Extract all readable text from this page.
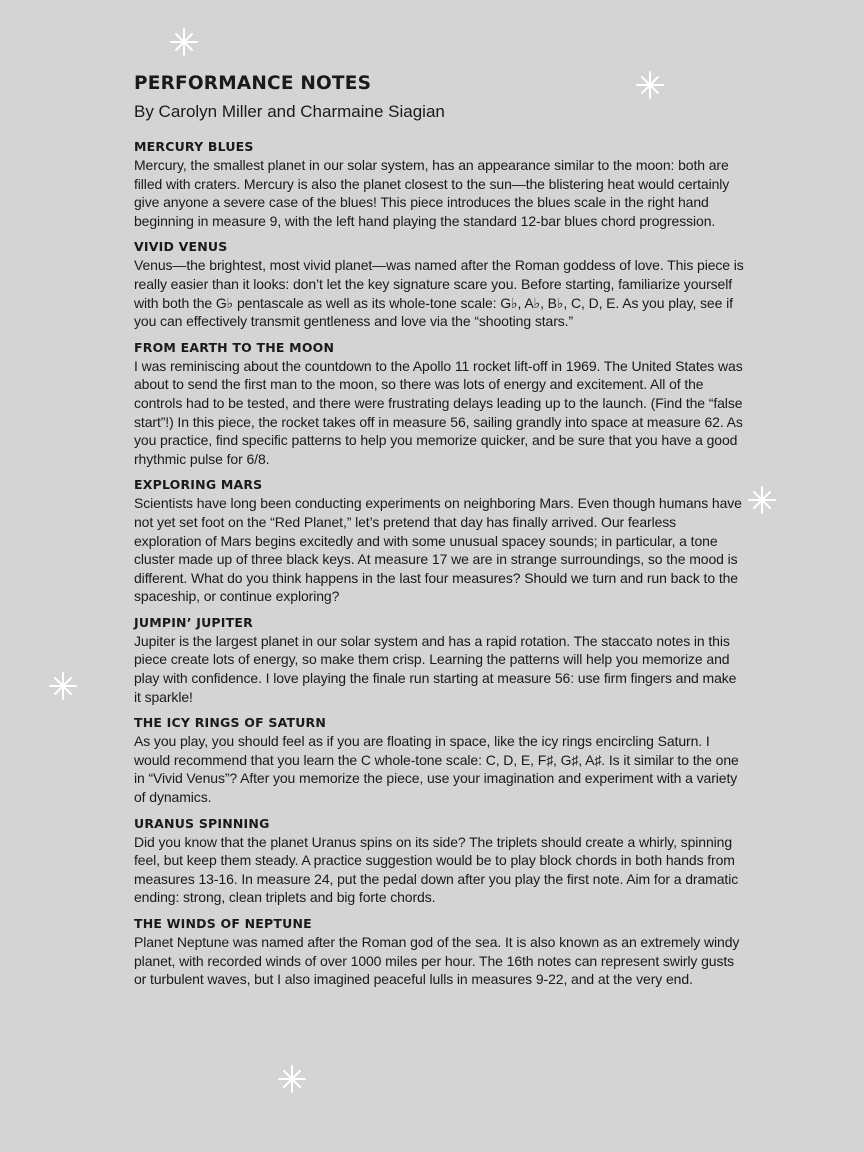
PERFORMANCE NOTES

By Carolyn Miller and Charmaine Siagian

MERCURY BLUES

Mercury, the smallest planet in our solar system, has an appearance similar to the moon: both are filled with craters. Mercury is also the planet closest to the sun—the blistering heat would certainly give anyone a severe case of the blues! This piece introduces the blues scale in the right hand beginning in measure 9, with the left hand playing the standard 12-bar blues chord progression.

VIVID VENUS

Venus—the brightest, most vivid planet—was named after the Roman goddess of love. This piece is really easier than it looks: don’t let the key signature scare you. Before starting, familiarize yourself with both the G♭ pentascale as well as its whole-tone scale: G♭, A♭, B♭, C, D, E. As you play, see if you can effectively transmit gentleness and love via the “shooting stars.”

FROM EARTH TO THE MOON

I was reminiscing about the countdown to the Apollo 11 rocket lift-off in 1969. The United States was about to send the first man to the moon, so there was lots of energy and excitement. All of the controls had to be tested, and there were frustrating delays leading up to the launch. (Find the “false start”!) In this piece, the rocket takes off in measure 56, sailing grandly into space at measure 62. As you practice, find specific patterns to help you memorize quicker, and be sure that you have a good rhythmic pulse for 6/8.

EXPLORING MARS

Scientists have long been conducting experiments on neighboring Mars. Even though humans have not yet set foot on the “Red Planet,” let’s pretend that day has finally arrived. Our fearless exploration of Mars begins excitedly and with some unusual spacey sounds; in particular, a tone cluster made up of three black keys. At measure 17 we are in strange surroundings, so the mood is different. What do you think happens in the last four measures? Should we turn and run back to the spaceship, or continue exploring?

JUMPIN’ JUPITER

Jupiter is the largest planet in our solar system and has a rapid rotation. The staccato notes in this piece create lots of energy, so make them crisp. Learning the patterns will help you memorize and play with confidence. I love playing the finale run starting at measure 56: use firm fingers and make it sparkle!

THE ICY RINGS OF SATURN

As you play, you should feel as if you are floating in space, like the icy rings encircling Saturn. I would recommend that you learn the C whole-tone scale: C, D, E, F♯, G♯, A♯. Is it similar to the one in “Vivid Venus”? After you memorize the piece, use your imagination and experiment with a variety of dynamics.

URANUS SPINNING

Did you know that the planet Uranus spins on its side? The triplets should create a whirly, spinning feel, but keep them steady. A practice suggestion would be to play block chords in both hands from measures 13-16. In measure 24, put the pedal down after you play the first note. Aim for a dramatic ending: strong, clean triplets and big forte chords.

THE WINDS OF NEPTUNE

Planet Neptune was named after the Roman god of the sea. It is also known as an extremely windy planet, with recorded winds of over 1000 miles per hour. The 16th notes can represent swirly gusts or turbulent waves, but I also imagined peaceful lulls in measures 9-22, and at the very end.
